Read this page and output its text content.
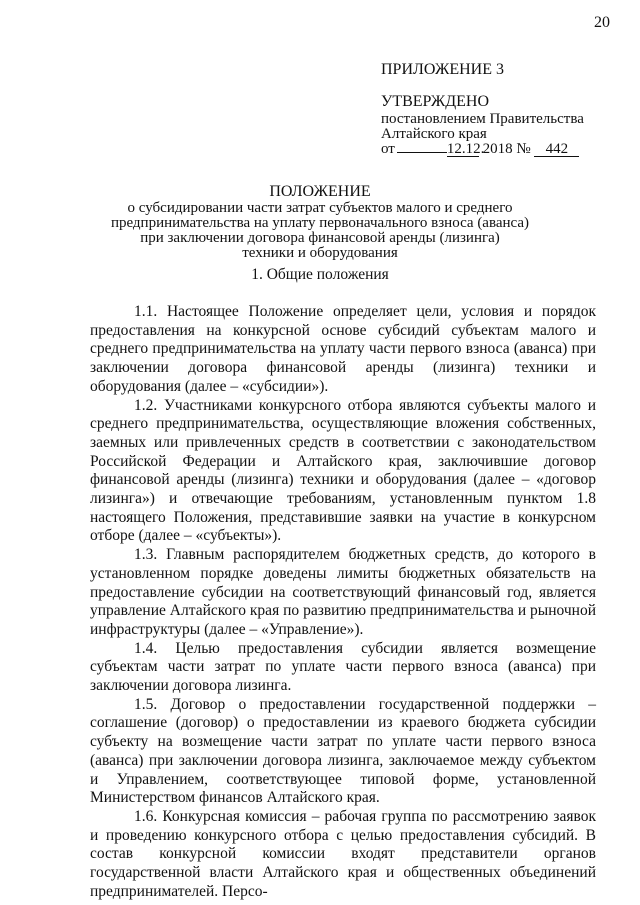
20
ПРИЛОЖЕНИЕ 3
УТВЕРЖДЕНО
постановлением Правительства
Алтайского края
от	12.12.

2018
№
	442
ПОЛОЖЕНИЕ
о субсидировании части затрат субъектов малого и среднего
предпринимательства на уплату первоначального взноса (аванса)
при заключении договора финансовой аренды (лизинга)
техники и оборудования
1. Общие положения

1.1. Настоящее Положение определяет цели, условия и порядок предоставления на конкурсной основе субсидий субъектам малого и среднего предпринимательства на уплату части первого взноса (аванса) при заключении договора финансовой аренды (лизинга) техники и оборудования (далее – «субсидии»).

1.2. Участниками конкурсного отбора являются субъекты малого и среднего предпринимательства, осуществляющие вложения собственных, заемных или привлеченных средств в соответствии с законодательством Российской Федерации и Алтайского края, заключившие договор финансовой аренды (лизинга) техники и оборудования (далее – «договор лизинга») и отвечающие требованиям, установленным пунктом 1.8 настоящего Положения, представившие заявки на участие в конкурсном отборе (далее – «субъекты»).

1.3. Главным распорядителем бюджетных средств, до которого в установленном порядке доведены лимиты бюджетных обязательств на предоставление субсидии на соответствующий финансовый год, является управление Алтайского края по развитию предпринимательства и рыночной инфраструктуры (далее – «Управление»).

1.4. Целью предоставления субсидии является возмещение субъектам части затрат по уплате части первого взноса (аванса) при заключении договора лизинга.

1.5. Договор о предоставлении государственной поддержки – соглашение (договор) о предоставлении из краевого бюджета субсидии субъекту на возмещение части затрат по уплате части первого взноса (аванса) при заключении договора лизинга, заключаемое между субъектом и Управлением, соответствующее типовой форме, установленной Министерством финансов Алтайского края.

1.6. Конкурсная комиссия – рабочая группа по рассмотрению заявок и проведению конкурсного отбора с целью предоставления субсидий. В состав конкурсной комиссии входят представители органов государственной власти Алтайского края и общественных объединений предпринимателей. Персо-
